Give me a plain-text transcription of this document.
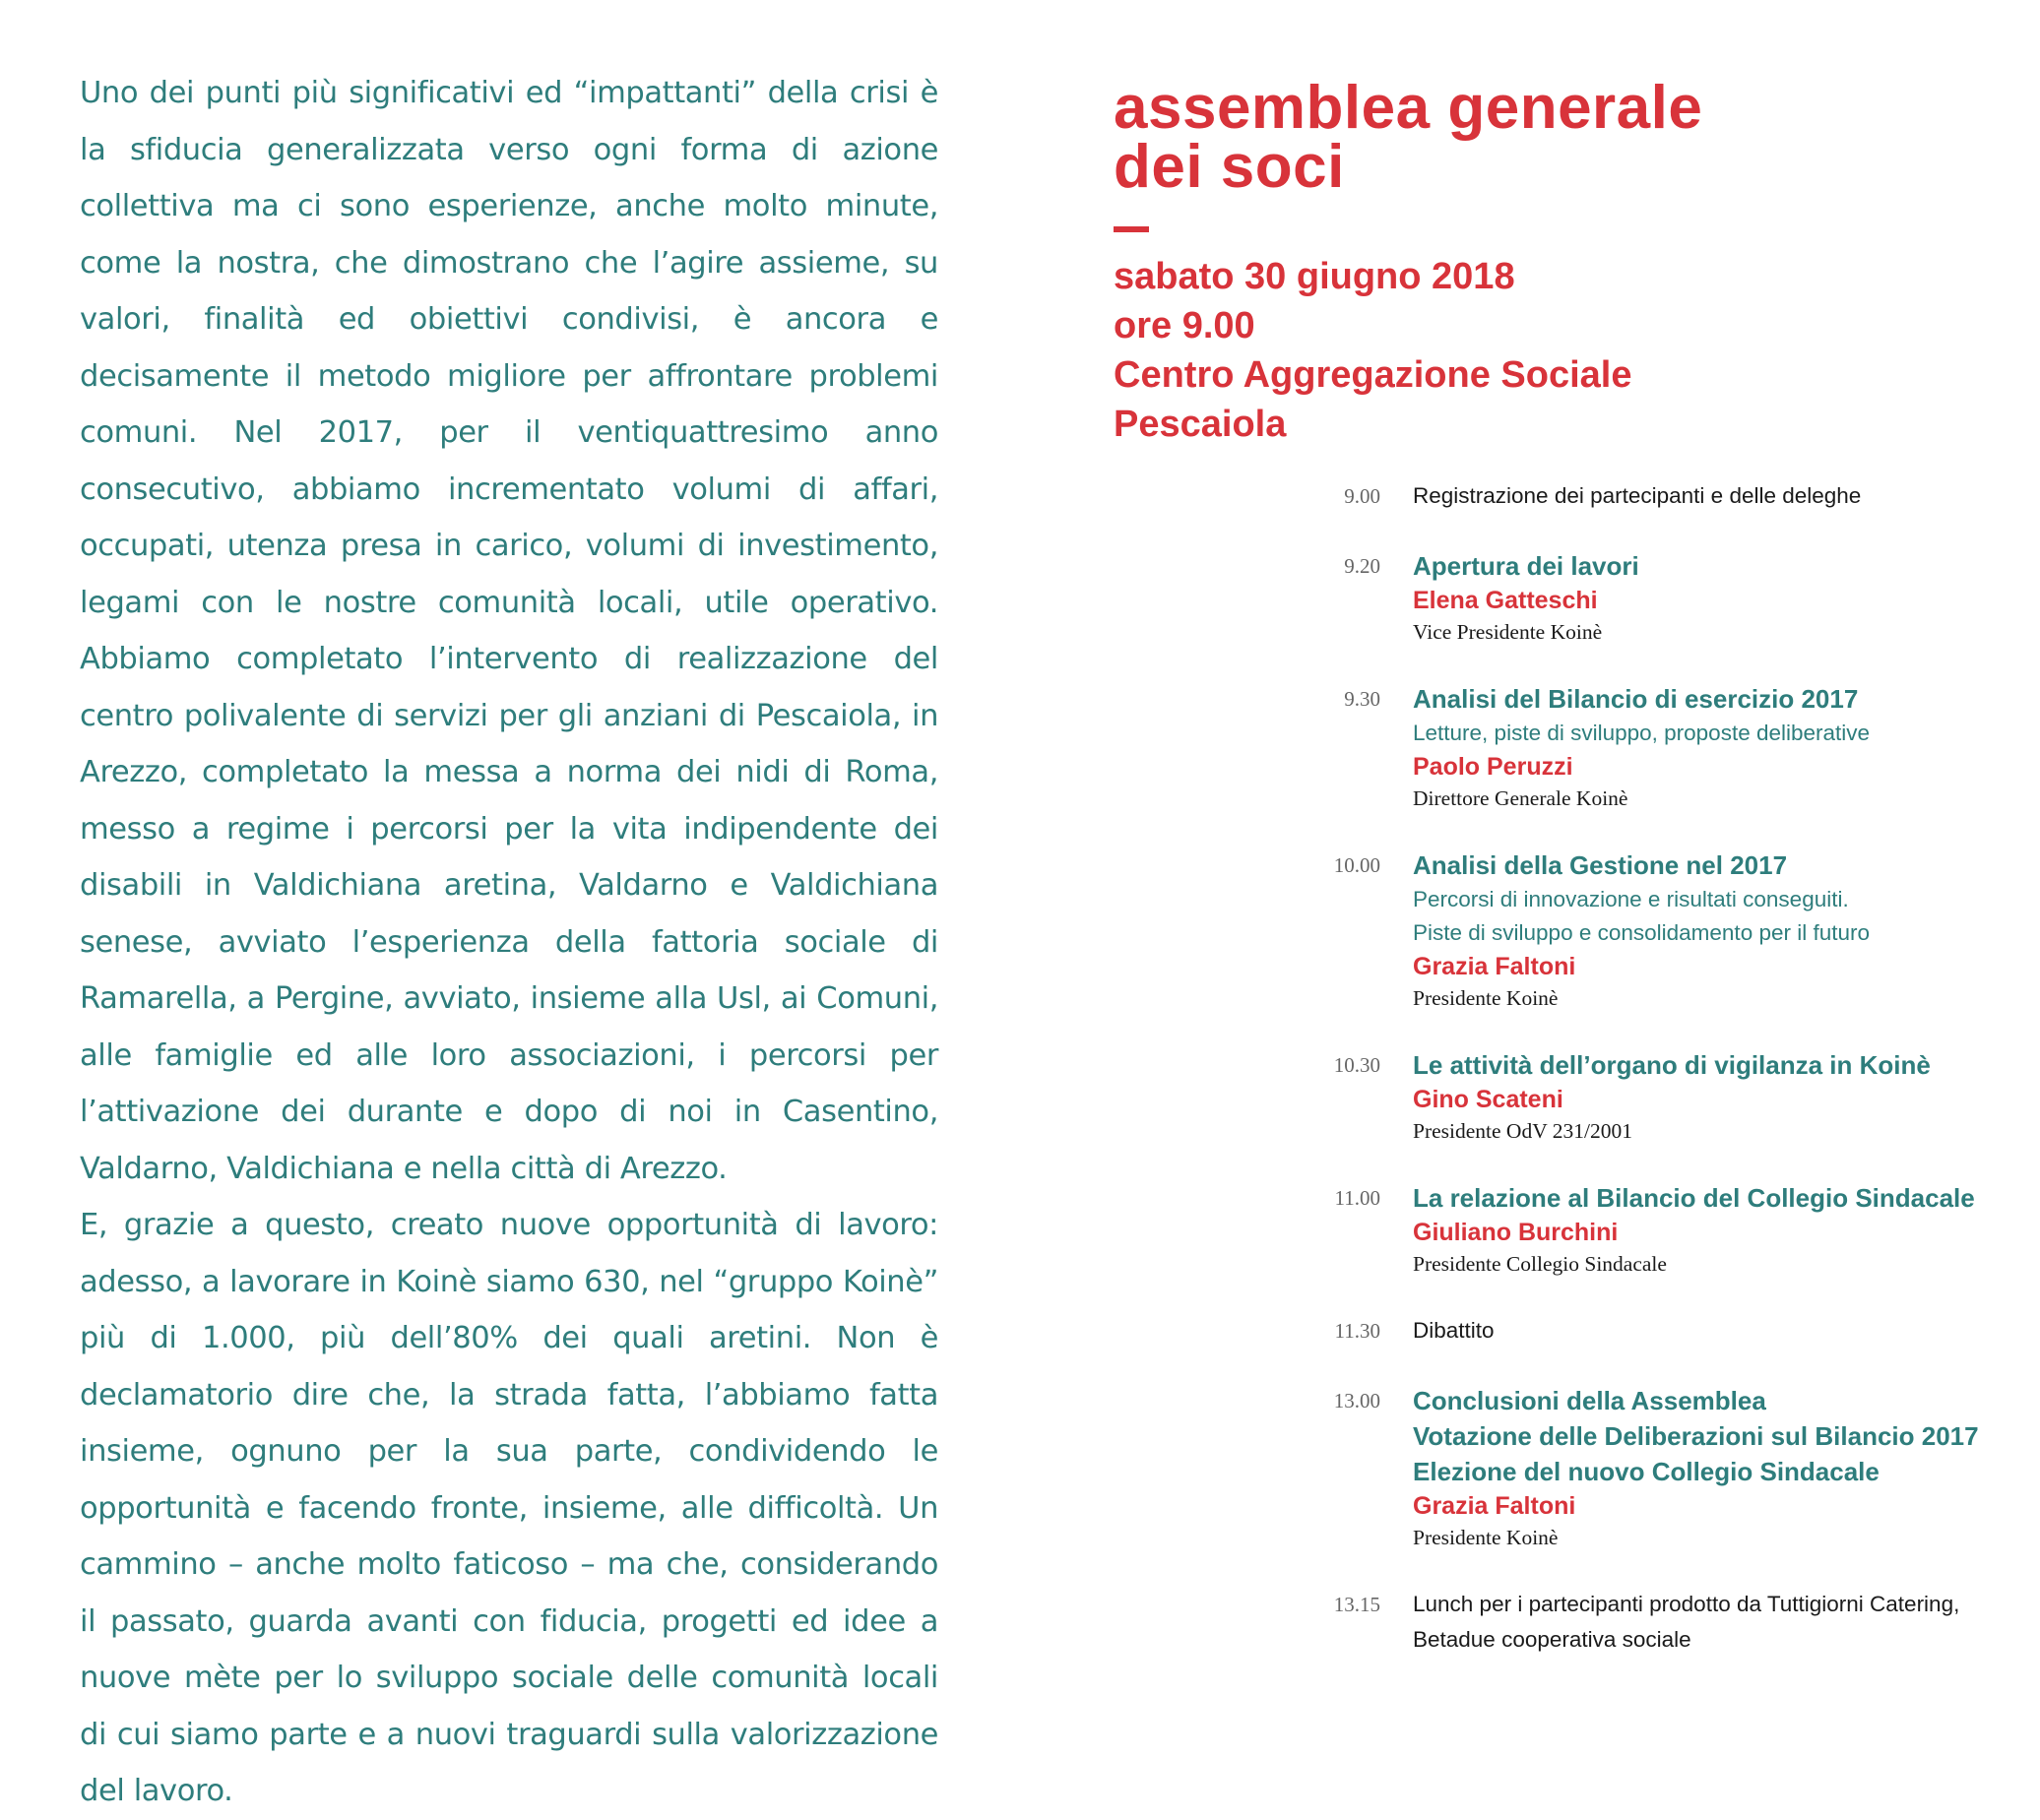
Uno dei punti più significativi ed “impattanti” della crisi è la sfiducia generalizzata verso ogni forma di azione collettiva ma ci sono esperienze, anche molto minute, come la nostra, che dimostrano che l’agire assieme, su valori, finalità ed obiettivi condivisi, è ancora e decisamente il metodo migliore per affrontare problemi comuni. Nel 2017, per il ventiquattresimo anno consecutivo, abbiamo incrementato volumi di affari, occupati, utenza presa in carico, volumi di investimento, legami con le nostre comunità locali, utile operativo. Abbiamo completato l’intervento di realizzazione del centro polivalente di servizi per gli anziani di Pescaiola, in Arezzo, completato la messa a norma dei nidi di Roma, messo a regime i percorsi per la vita indipendente dei disabili in Valdichiana aretina, Valdarno e Valdichiana senese, avviato l’esperienza della fattoria sociale di Ramarella, a Pergine, avviato, insieme alla Usl, ai Comuni, alle famiglie ed alle loro associazioni, i percorsi per l’attivazione dei durante e dopo di noi in Casentino, Valdarno, Valdichiana e nella città di Arezzo.

E, grazie a questo, creato nuove opportunità di lavoro: adesso, a lavorare in Koinè siamo 630, nel “gruppo Koinè” più di 1.000, più dell’80% dei quali aretini. Non è declamatorio dire che, la strada fatta, l’abbiamo fatta insieme, ognuno per la sua parte, condividendo le opportunità e facendo fronte, insieme, alle difficoltà. Un cammino – anche molto faticoso – ma che, considerando il passato, guarda avanti con fiducia, progetti ed idee a nuove mète per lo sviluppo sociale delle comunità locali di cui siamo parte e a nuovi traguardi sulla valorizzazione del lavoro.

assemblea generale
dei soci
sabato 30 giugno 2018
ore 9.00
Centro Aggregazione Sociale
Pescaiola
9.00	Registrazione dei partecipanti e delle deleghe
9.20	Apertura dei lavori
Elena Gatteschi
Vice Presidente Koinè
9.30	Analisi del Bilancio di esercizio 2017
Letture, piste di sviluppo, proposte deliberative
Paolo Peruzzi
Direttore Generale Koinè
10.00	Analisi della Gestione nel 2017
Percorsi di innovazione e risultati conseguiti.
Piste di sviluppo e consolidamento per il futuro
Grazia Faltoni
Presidente Koinè
10.30	Le attività dell’organo di vigilanza in Koinè
Gino Scateni
Presidente OdV 231/2001
11.00	La relazione al Bilancio del Collegio Sindacale
Giuliano Burchini
Presidente Collegio Sindacale
11.30	Dibattito
13.00	Conclusioni della Assemblea
Votazione delle Deliberazioni sul Bilancio 2017
Elezione del nuovo Collegio Sindacale
Grazia Faltoni
Presidente Koinè
13.15	Lunch per i partecipanti prodotto da Tuttigiorni Catering,
Betadue cooperativa sociale
